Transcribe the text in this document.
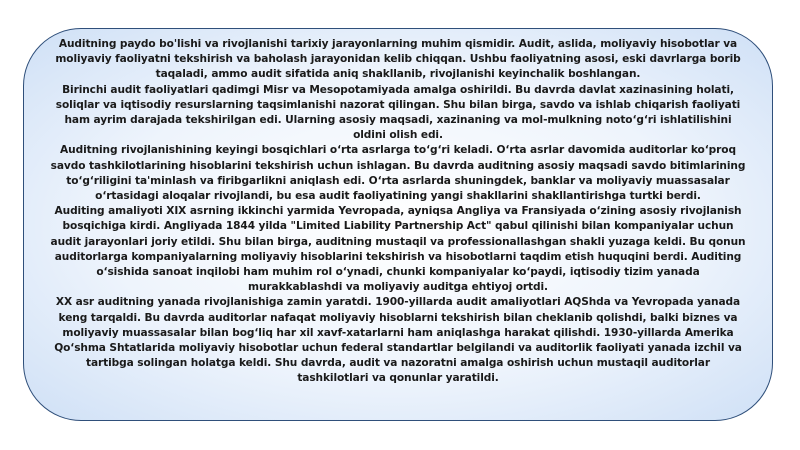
Auditning paydo bo'lishi va rivojlanishi tarixiy jarayonlarning muhim qismidir. Audit, aslida, moliyaviy hisobotlar va moliyaviy faoliyatni tekshirish va baholash jarayonidan kelib chiqqan. Ushbu faoliyatning asosi, eski davrlarga borib taqaladi, ammo audit sifatida aniq shakllanib, rivojlanishi keyinchalik boshlangan.

Birinchi audit faoliyatlari qadimgi Misr va Mesopotamiyada amalga oshirildi. Bu davrda davlat xazinasining holati, soliqlar va iqtisodiy resurslarning taqsimlanishi nazorat qilingan. Shu bilan birga, savdo va ishlab chiqarish faoliyati ham ayrim darajada tekshirilgan edi. Ularning asosiy maqsadi, xazinaning va mol-mulkning noto‘g‘ri ishlatilishini oldini olish edi.

Auditning rivojlanishining keyingi bosqichlari o‘rta asrlarga to‘g‘ri keladi. O‘rta asrlar davomida auditorlar ko‘proq savdo tashkilotlarining hisoblarini tekshirish uchun ishlagan. Bu davrda auditning asosiy maqsadi savdo bitimlarining to‘g‘riligini ta'minlash va firibgarlikni aniqlash edi. O‘rta asrlarda shuningdek, banklar va moliyaviy muassasalar o‘rtasidagi aloqalar rivojlandi, bu esa audit faoliyatining yangi shakllarini shakllantirishga turtki berdi.

Auditing amaliyoti XIX asrning ikkinchi yarmida Yevropada, ayniqsa Angliya va Fransiyada o‘zining asosiy rivojlanish bosqichiga kirdi. Angliyada 1844 yilda "Limited Liability Partnership Act" qabul qilinishi bilan kompaniyalar uchun audit jarayonlari joriy etildi. Shu bilan birga, auditning mustaqil va professionallashgan shakli yuzaga keldi. Bu qonun auditorlarga kompaniyalarning moliyaviy hisoblarini tekshirish va hisobotlarni taqdim etish huquqini berdi. Auditing o‘sishida sanoat inqilobi ham muhim rol o‘ynadi, chunki kompaniyalar ko‘paydi, iqtisodiy tizim yanada murakkablashdi va moliyaviy auditga ehtiyoj ortdi.

XX asr auditning yanada rivojlanishiga zamin yaratdi. 1900-yillarda audit amaliyotlari AQShda va Yevropada yanada keng tarqaldi. Bu davrda auditorlar nafaqat moliyaviy hisoblarni tekshirish bilan cheklanib qolishdi, balki biznes va moliyaviy muassasalar bilan bog‘liq har xil xavf-xatarlarni ham aniqlashga harakat qilishdi. 1930-yillarda Amerika Qo‘shma Shtatlarida moliyaviy hisobotlar uchun federal standartlar belgilandi va auditorlik faoliyati yanada izchil va tartibga solingan holatga keldi. Shu davrda, audit va nazoratni amalga oshirish uchun mustaqil auditorlar tashkilotlari va qonunlar yaratildi.
